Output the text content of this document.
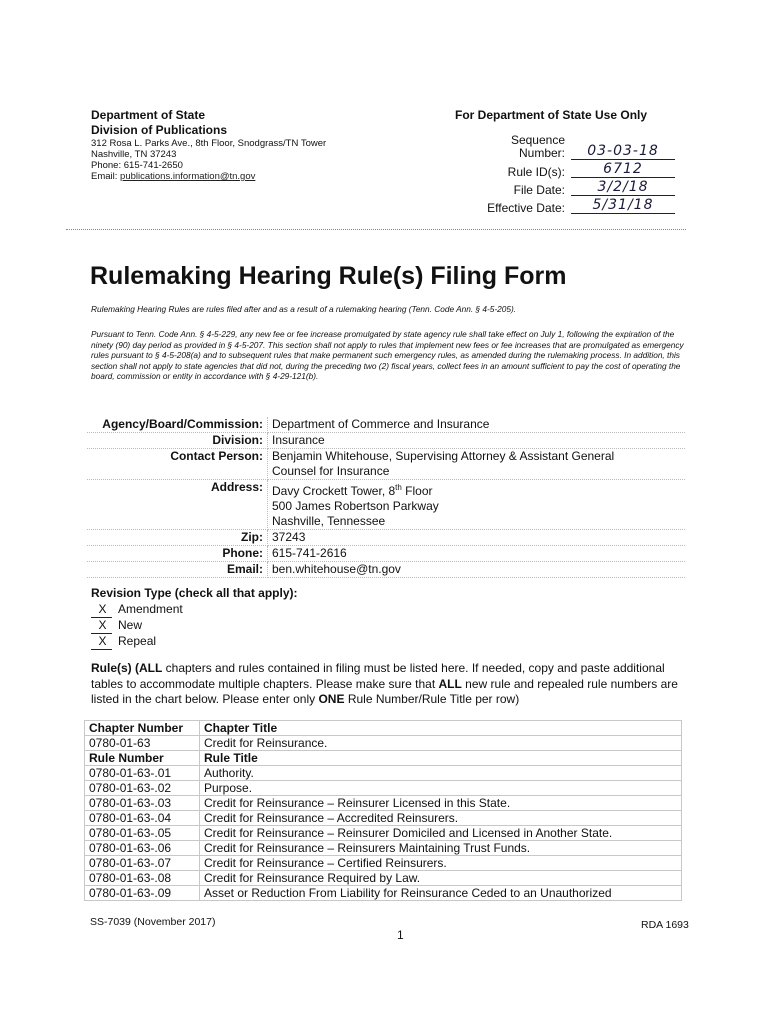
Department of State
Division of Publications
312 Rosa L. Parks Ave., 8th Floor, Snodgrass/TN Tower
Nashville, TN 37243
Phone: 615-741-2650
Email: publications.information@tn.gov
For Department of State Use Only
Sequence
Number:	03-03-18
Rule ID(s):	6712
File Date:	3/2/18
Effective Date:	5/31/18
Rulemaking Hearing Rule(s) Filing Form
Rulemaking Hearing Rules are rules filed after and as a result of a rulemaking hearing (Tenn. Code Ann. § 4-5-205).
Pursuant to Tenn. Code Ann. § 4-5-229, any new fee or fee increase promulgated by state agency rule shall take effect on July 1, following the expiration of the ninety (90) day period as provided in § 4-5-207. This section shall not apply to rules that implement new fees or fee increases that are promulgated as emergency rules pursuant to § 4-5-208(a) and to subsequent rules that make permanent such emergency rules, as amended during the rulemaking process. In addition, this section shall not apply to state agencies that did not, during the preceding two (2) fiscal years, collect fees in an amount sufficient to pay the cost of operating the board, commission or entity in accordance with § 4-29-121(b).
Agency/Board/Commission:	Department of Commerce and Insurance
Division:	Insurance
Contact Person:	Benjamin Whitehouse, Supervising Attorney & Assistant General
Counsel for Insurance

Address:	Davy Crockett Tower, 8th Floor
500 James Robertson Parkway
Nashville, Tennessee

Zip:	37243
Phone:	615-741-2616
Email:	ben.whitehouse@tn.gov
Revision Type (check all that apply):
X Amendment
X New
X Repeal
Rule(s) (ALL chapters and rules contained in filing must be listed here. If needed, copy and paste additional tables to accommodate multiple chapters. Please make sure that ALL new rule and repealed rule numbers are listed in the chart below. Please enter only ONE Rule Number/Rule Title per row)
Chapter Number	Chapter Title
0780-01-63	Credit for Reinsurance.
Rule Number	Rule Title
0780-01-63-.01	Authority.
0780-01-63-.02	Purpose.
0780-01-63-.03	Credit for Reinsurance – Reinsurer Licensed in this State.
0780-01-63-.04	Credit for Reinsurance – Accredited Reinsurers.
0780-01-63-.05	Credit for Reinsurance – Reinsurer Domiciled and Licensed in Another State.
0780-01-63-.06	Credit for Reinsurance – Reinsurers Maintaining Trust Funds.
0780-01-63-.07	Credit for Reinsurance – Certified Reinsurers.
0780-01-63-.08	Credit for Reinsurance Required by Law.
0780-01-63-.09	Asset or Reduction From Liability for Reinsurance Ceded to an Unauthorized
SS-7039 (November 2017)
1
RDA 1693
